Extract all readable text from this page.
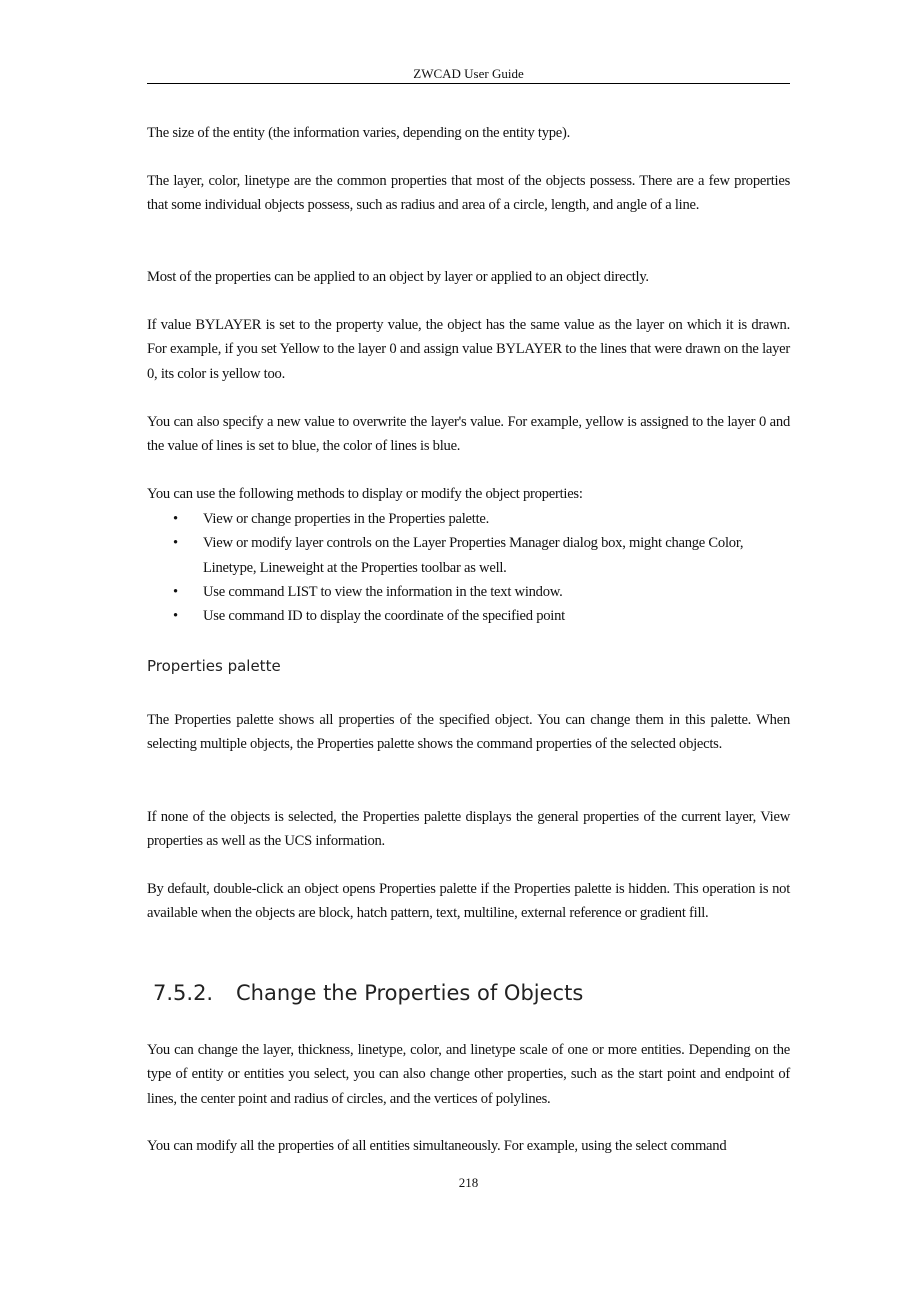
ZWCAD User Guide

The size of the entity (the information varies, depending on the entity type).

The layer, color, linetype are the common properties that most of the objects possess. There are a few properties that some individual objects possess, such as radius and area of a circle, length, and angle of a line.

Most of the properties can be applied to an object by layer or applied to an object directly.

If value BYLAYER is set to the property value, the object has the same value as the layer on which it is drawn. For example, if you set Yellow to the layer 0 and assign value BYLAYER to the lines that were drawn on the layer 0, its color is yellow too.

You can also specify a new value to overwrite the layer's value. For example, yellow is assigned to the layer 0 and the value of lines is set to blue, the color of lines is blue.

You can use the following methods to display or modify the object properties:

• View or change properties in the Properties palette.
• View or modify layer controls on the Layer Properties Manager dialog box, might change Color, Linetype, Lineweight at the Properties toolbar as well.
• Use command LIST to view the information in the text window.
• Use command ID to display the coordinate of the specified point
Properties palette

The Properties palette shows all properties of the specified object. You can change them in this palette. When selecting multiple objects, the Properties palette shows the command properties of the selected objects.

If none of the objects is selected, the Properties palette displays the general properties of the current layer, View properties as well as the UCS information.

By default, double-click an object opens Properties palette if the Properties palette is hidden. This operation is not available when the objects are block, hatch pattern, text, multiline, external reference or gradient fill.

7.5.2. Change the Properties of Objects

You can change the layer, thickness, linetype, color, and linetype scale of one or more entities. Depending on the type of entity or entities you select, you can also change other properties, such as the start point and endpoint of lines, the center point and radius of circles, and the vertices of polylines.

You can modify all the properties of all entities simultaneously. For example, using the select command

218
